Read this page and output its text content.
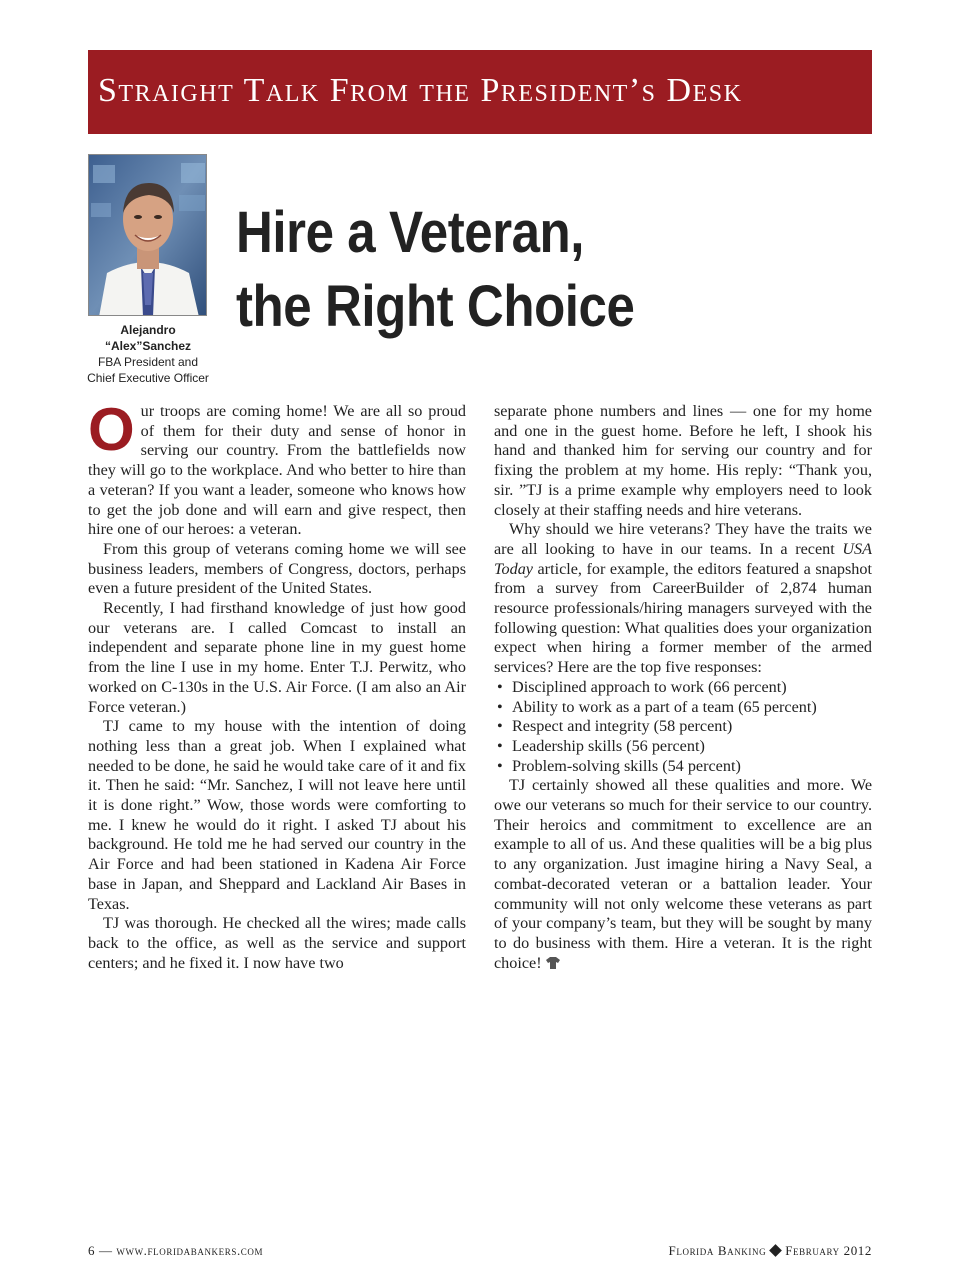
Straight Talk From the President’s Desk
Alejandro
“Alex”Sanchez
FBA President and
Chief Executive Officer
Hire a Veteran,
the Right Choice

Our troops are coming home! We are all so proud of them for their duty and sense of honor in serving our country. From the battlefields now they will go to the workplace. And who better to hire than a veteran? If you want a leader, someone who knows how to get the job done and will earn and give respect, then hire one of our heroes: a veteran.

From this group of veterans coming home we will see business leaders, members of Congress, doctors, perhaps even a future president of the United States.

Recently, I had firsthand knowledge of just how good our veterans are. I called Comcast to install an independent and separate phone line in my guest home from the line I use in my home. Enter T.J. Perwitz, who worked on C-130s in the U.S. Air Force. (I am also an Air Force veteran.)

TJ came to my house with the intention of doing nothing less than a great job. When I explained what needed to be done, he said he would take care of it and fix it. Then he said: “Mr. Sanchez, I will not leave here until it is done right.” Wow, those words were comforting to me. I knew he would do it right. I asked TJ about his background. He told me he had served our country in the Air Force and had been stationed in Kadena Air Force base in Japan, and Sheppard and Lackland Air Bases in Texas.

TJ was thorough. He checked all the wires; made calls back to the office, as well as the service and support centers; and he fixed it. I now have two

separate phone numbers and lines — one for my home and one in the guest home. Before he left, I shook his hand and thanked him for serving our country and for fixing the problem at my home. His reply: “Thank you, sir. ”TJ is a prime example why employers need to look closely at their staffing needs and hire veterans.

Why should we hire veterans? They have the traits we are all looking to have in our teams. In a recent USA Today article, for example, the editors featured a snapshot from a survey from CareerBuilder of 2,874 human resource professionals/hiring managers surveyed with the following question: What qualities does your organization expect when hiring a former member of the armed services? Here are the top five responses:

• Disciplined approach to work (66 percent)
• Ability to work as a part of a team (65 percent)
• Respect and integrity (58 percent)
• Leadership skills (56 percent)
• Problem-solving skills (54 percent)

TJ certainly showed all these qualities and more. We owe our veterans so much for their service to our country. Their heroics and commitment to excellence are an example to all of us. And these qualities will be a big plus to any organization. Just imagine hiring a Navy Seal, a combat-decorated veteran or a battalion leader. Your community will not only welcome these veterans as part of your company’s team, but they will be sought by many to do business with them. Hire a veteran. It is the right choice!

6 — www.floridabankers.com	Florida Banking February 2012
